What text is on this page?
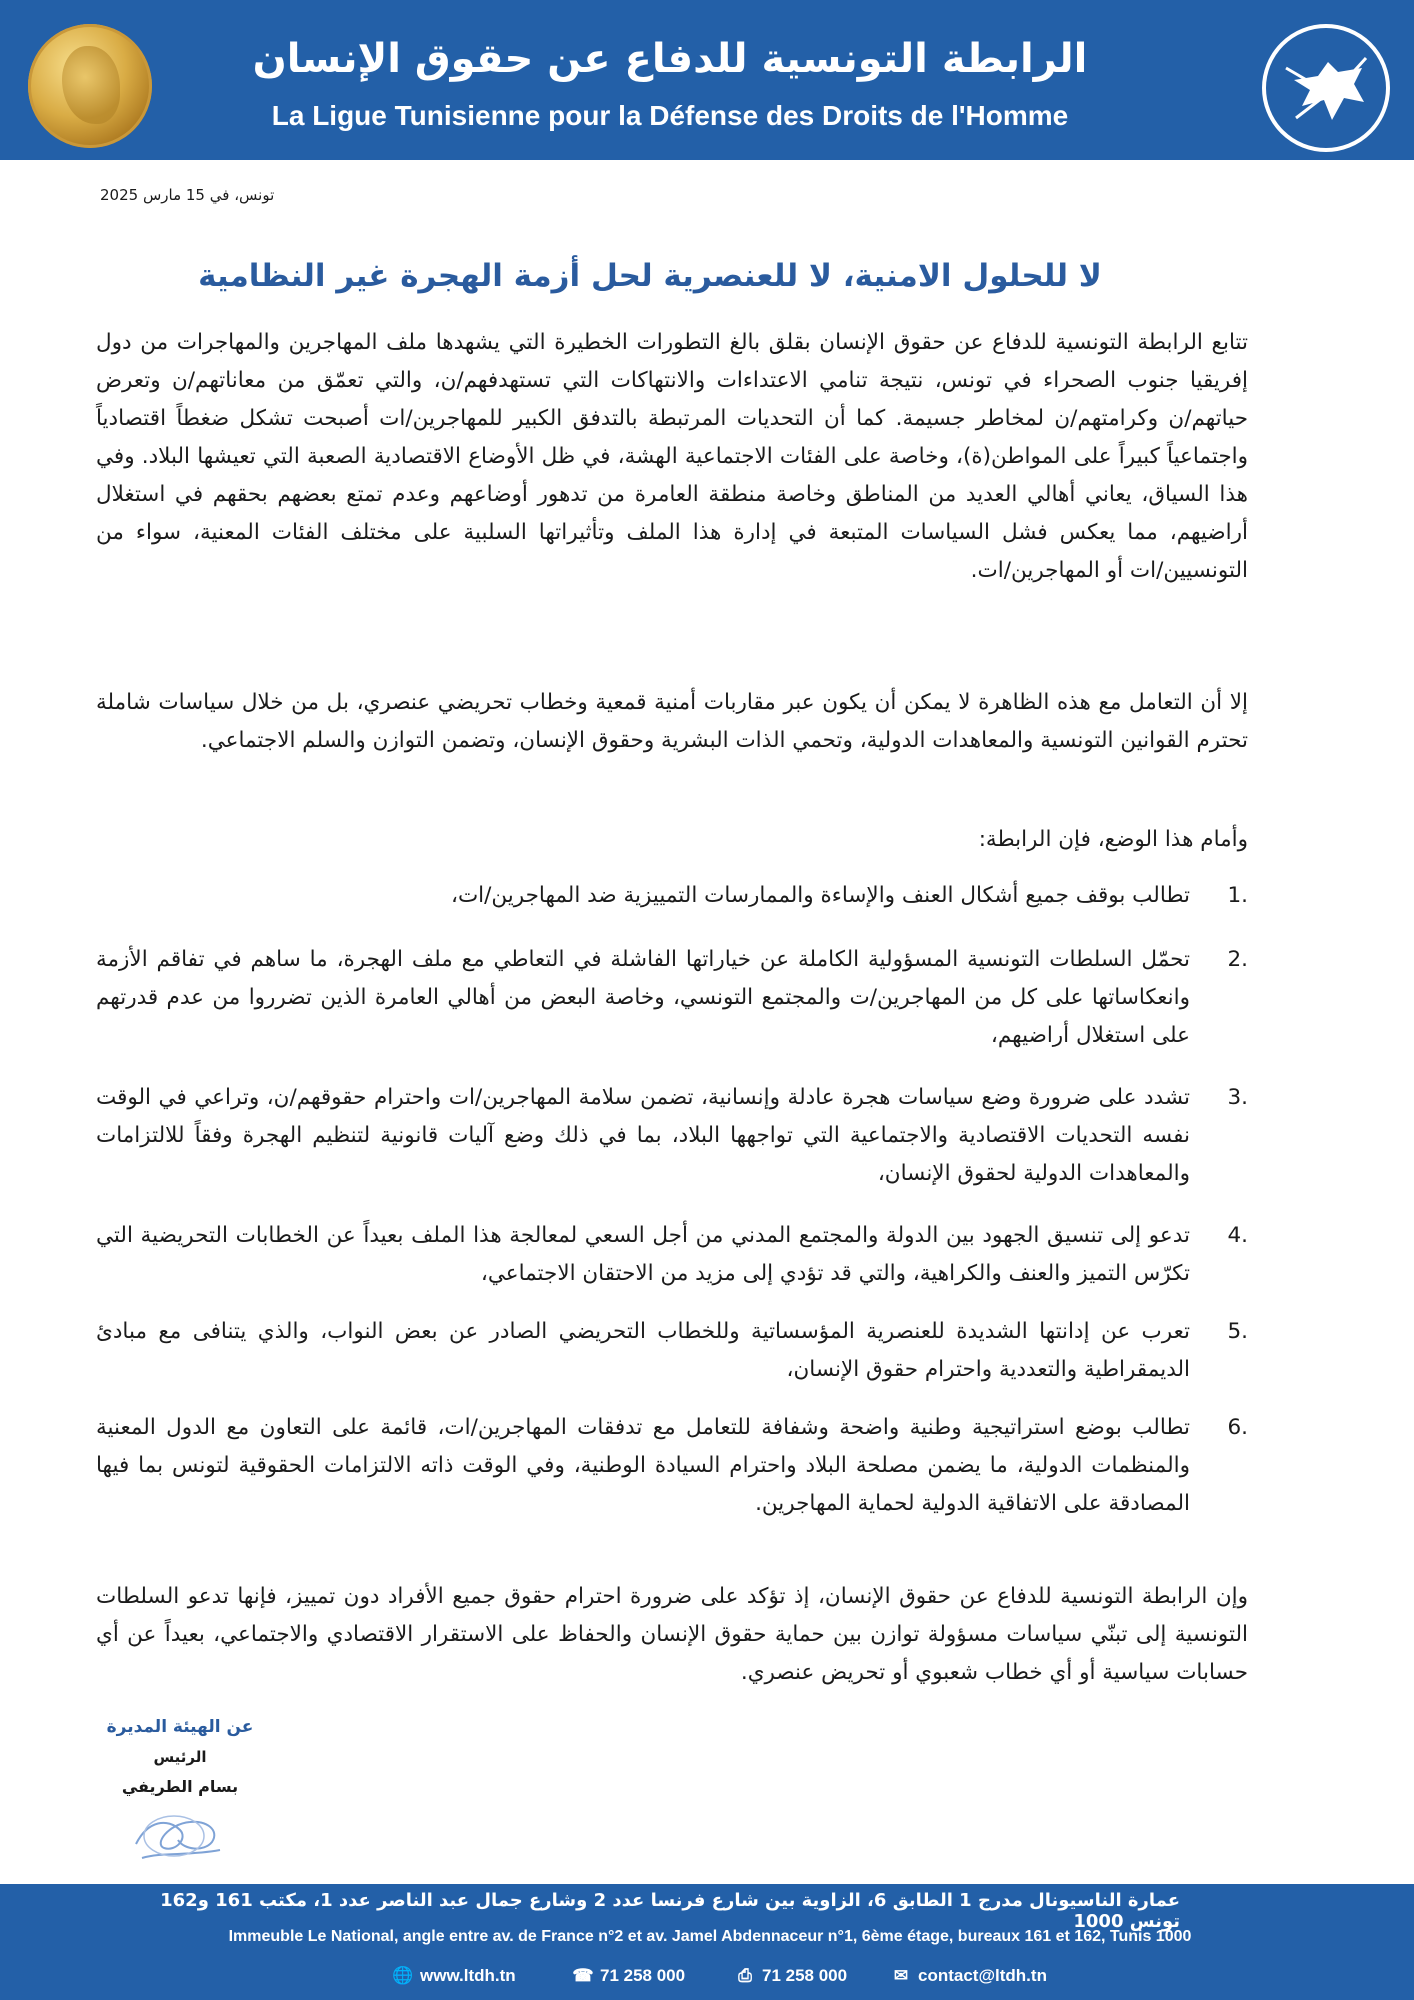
الرابطة التونسية للدفاع عن حقوق الإنسان
La Ligue Tunisienne pour la Défense des Droits de l'Homme
تونس، في 15 مارس 2025
لا للحلول الامنية، لا للعنصرية لحل أزمة الهجرة غير النظامية
تتابع الرابطة التونسية للدفاع عن حقوق الإنسان بقلق بالغ التطورات الخطيرة التي يشهدها ملف المهاجرين والمهاجرات من دول إفريقيا جنوب الصحراء في تونس، نتيجة تنامي الاعتداءات والانتهاكات التي تستهدفهم/ن، والتي تعمّق من معاناتهم/ن وتعرض حياتهم/ن وكرامتهم/ن لمخاطر جسيمة. كما أن التحديات المرتبطة بالتدفق الكبير للمهاجرين/ات أصبحت تشكل ضغطاً اقتصادياً واجتماعياً كبيراً على المواطن(ة)، وخاصة على الفئات الاجتماعية الهشة، في ظل الأوضاع الاقتصادية الصعبة التي تعيشها البلاد. وفي هذا السياق، يعاني أهالي العديد من المناطق وخاصة منطقة العامرة من تدهور أوضاعهم وعدم تمتع بعضهم بحقهم في استغلال أراضيهم، مما يعكس فشل السياسات المتبعة في إدارة هذا الملف وتأثيراتها السلبية على مختلف الفئات المعنية، سواء من التونسيين/ات أو المهاجرين/ات.
إلا أن التعامل مع هذه الظاهرة لا يمكن أن يكون عبر مقاربات أمنية قمعية وخطاب تحريضي عنصري، بل من خلال سياسات شاملة تحترم القوانين التونسية والمعاهدات الدولية، وتحمي الذات البشرية وحقوق الإنسان، وتضمن التوازن والسلم الاجتماعي.
وأمام هذا الوضع، فإن الرابطة:
1.
تطالب بوقف جميع أشكال العنف والإساءة والممارسات التمييزية ضد المهاجرين/ات،
2.
تحمّل السلطات التونسية المسؤولية الكاملة عن خياراتها الفاشلة في التعاطي مع ملف الهجرة، ما ساهم في تفاقم الأزمة وانعكاساتها على كل من المهاجرين/ت والمجتمع التونسي، وخاصة البعض من أهالي العامرة الذين تضرروا من عدم قدرتهم على استغلال أراضيهم،
3.
تشدد على ضرورة وضع سياسات هجرة عادلة وإنسانية، تضمن سلامة المهاجرين/ات واحترام حقوقهم/ن، وتراعي في الوقت نفسه التحديات الاقتصادية والاجتماعية التي تواجهها البلاد، بما في ذلك وضع آليات قانونية لتنظيم الهجرة وفقاً للالتزامات والمعاهدات الدولية لحقوق الإنسان،
4.
تدعو إلى تنسيق الجهود بين الدولة والمجتمع المدني من أجل السعي لمعالجة هذا الملف بعيداً عن الخطابات التحريضية التي تكرّس التميز والعنف والكراهية، والتي قد تؤدي إلى مزيد من الاحتقان الاجتماعي،
5.
تعرب عن إدانتها الشديدة للعنصرية المؤسساتية وللخطاب التحريضي الصادر عن بعض النواب، والذي يتنافى مع مبادئ الديمقراطية والتعددية واحترام حقوق الإنسان،
6.
تطالب بوضع استراتيجية وطنية واضحة وشفافة للتعامل مع تدفقات المهاجرين/ات، قائمة على التعاون مع الدول المعنية والمنظمات الدولية، ما يضمن مصلحة البلاد واحترام السيادة الوطنية، وفي الوقت ذاته الالتزامات الحقوقية لتونس بما فيها المصادقة على الاتفاقية الدولية لحماية المهاجرين.
وإن الرابطة التونسية للدفاع عن حقوق الإنسان، إذ تؤكد على ضرورة احترام حقوق جميع الأفراد دون تمييز، فإنها تدعو السلطات التونسية إلى تبنّي سياسات مسؤولة توازن بين حماية حقوق الإنسان والحفاظ على الاستقرار الاقتصادي والاجتماعي، بعيداً عن أي حسابات سياسية أو أي خطاب شعبوي أو تحريض عنصري.
عن الهيئة المديرة
الرئيس
بسام الطريفي
عمارة الناسيونال مدرج 1 الطابق 6، الزاوية بين شارع فرنسا عدد 2 وشارع جمال عبد الناصر عدد 1، مكتب 161 و162 تونس 1000
Immeuble Le National, angle entre av. de France n°2 et av. Jamel Abdennaceur n°1, 6ème étage, bureaux 161 et 162, Tunis 1000
🌐 www.ltdh.tn	☎ 71 258 000	⎙ 71 258 000	✉ contact@ltdh.tn
